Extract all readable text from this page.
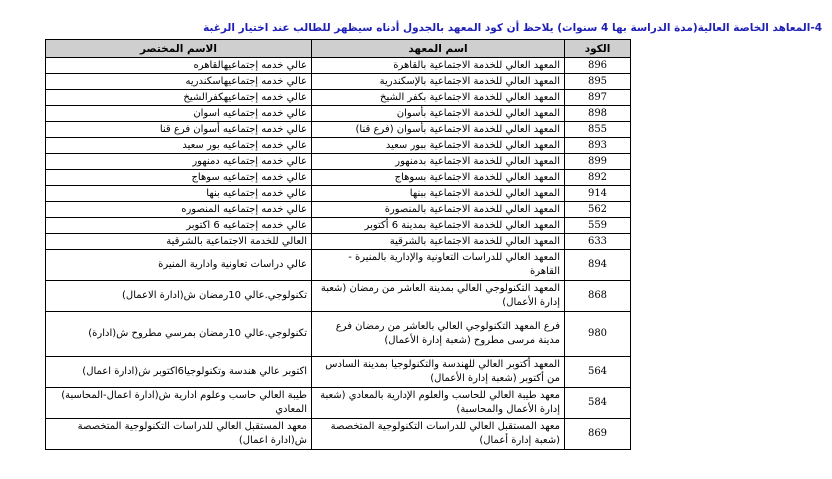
4-المعاهد الخاصة العالية(مدة الدراسة بها 4 سنوات) يلاحظ أن كود المعهد بالجدول أدناه سيظهر للطالب عند اختيار الرغبة
الكود	اسم المعهد	الاسم المختصر
896	المعهد العالي للخدمة الاجتماعية بالقاهرة	عالي خدمه إجتماعيهالقاهره
895	المعهد العالي للخدمة الاجتماعية بالإسكندرية	عالي خدمه إجتماعيهاسكندريه
897	المعهد العالي للخدمة الاجتماعية بكفر الشيخ	عالي خدمه إجتماعيهكفرالشيخ
898	المعهد العالي للخدمة الاجتماعية بأسوان	عالي خدمه إجتماعيه اسوان
855	المعهد العالي للخدمة الاجتماعية بأسوان (فرع قنا)	عالي خدمه إجتماعيه أسوان فرع قنا
893	المعهد العالي للخدمة الاجتماعية ببور سعيد	عالي خدمه إجتماعيه بور سعيد
899	المعهد العالي للخدمة الاجتماعية بدمنهور	عالي خدمه إجتماعيه دمنهور
892	المعهد العالي للخدمة الاجتماعية بسوهاج	عالي خدمه إجتماعيه سوهاج
914	المعهد العالي للخدمة الاجتماعية ببنها	عالي خدمه إجتماعيه بنها
562	المعهد العالي للخدمة الاجتماعية بالمنصورة	عالي خدمه إجتماعيه المنصوره
559	المعهد العالي للخدمة الاجتماعية بمدينة 6 أكتوبر	عالي خدمه إجتماعيه 6 اكتوبر
633	المعهد العالي للخدمة الاجتماعية بالشرقية	العالي للخدمة الاجتماعية بالشرقية
894	المعهد العالي للدراسات التعاونية والإدارية بالمنيرة - القاهرة	عالي دراسات تعاونية وادارية المنيرة
868	المعهد التكنولوجي العالي بمدينة العاشر من رمضان (شعبة إدارة الأعمال)	تكنولوجي.عالي 10رمضان ش(ادارة الاعمال)
980	فرع المعهد التكنولوجي العالي بالعاشر من رمضان فرع مدينة مرسى مطروح (شعبة إدارة الأعمال)	تكنولوجي.عالي 10رمضان بمرسي مطروح ش(ادارة)
564	المعهد أكتوبر العالي للهندسة والتكنولوجيا بمدينة السادس من أكتوبر (شعبة إدارة الأعمال)	اكتوبر عالي هندسة وتكنولوجيا6اكتوبر ش(ادارة اعمال)
584	معهد طيبة العالي للحاسب والعلوم الإدارية بالمعادي (شعبة إدارة الأعمال والمحاسبة)	طيبة العالي حاسب وعلوم ادارية ش(ادارة اعمال-المحاسبة) المعادي
869	معهد المستقبل العالي للدراسات التكنولوجية المتخصصة (شعبة إدارة أعمال)	معهد المستقبل العالي للدراسات التكنولوجية المتخصصة ش(ادارة اعمال)
